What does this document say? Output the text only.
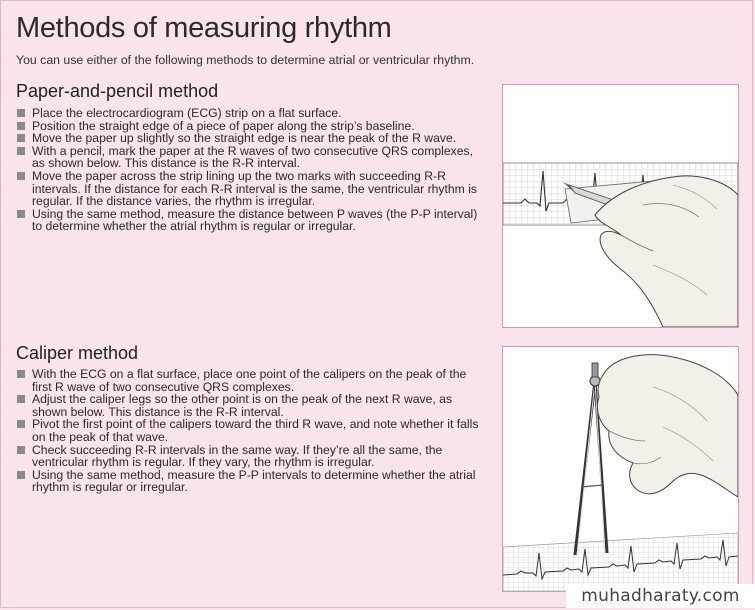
Methods of measuring rhythm

You can use either of the following methods to determine atrial or ventricular rhythm.

Paper-and-pencil method
Place the electrocardiogram (ECG) strip on a flat surface.
Position the straight edge of a piece of paper along the strip’s baseline.
Move the paper up slightly so the straight edge is near the peak of the R wave.
With a pencil, mark the paper at the R waves of two consecutive QRS complexes, as shown below. This distance is the R-R interval.
Move the paper across the strip lining up the two marks with succeeding R-R intervals. If the distance for each R-R interval is the same, the ventricular rhythm is regular. If the distance varies, the rhythm is irregular.
Using the same method, measure the distance between P waves (the P-P interval) to determine whether the atrial rhythm is regular or irregular.
Caliper method
With the ECG on a flat surface, place one point of the calipers on the peak of the first R wave of two consecutive QRS complexes.
Adjust the caliper legs so the other point is on the peak of the next R wave, as shown below. This distance is the R-R interval.
Pivot the first point of the calipers toward the third R wave, and note whether it falls on the peak of that wave.
Check succeeding R-R intervals in the same way. If they’re all the same, the ventricular rhythm is regular. If they vary, the rhythm is irregular.
Using the same method, measure the P-P intervals to determine whether the atrial rhythm is regular or irregular.
muhadharaty.com
